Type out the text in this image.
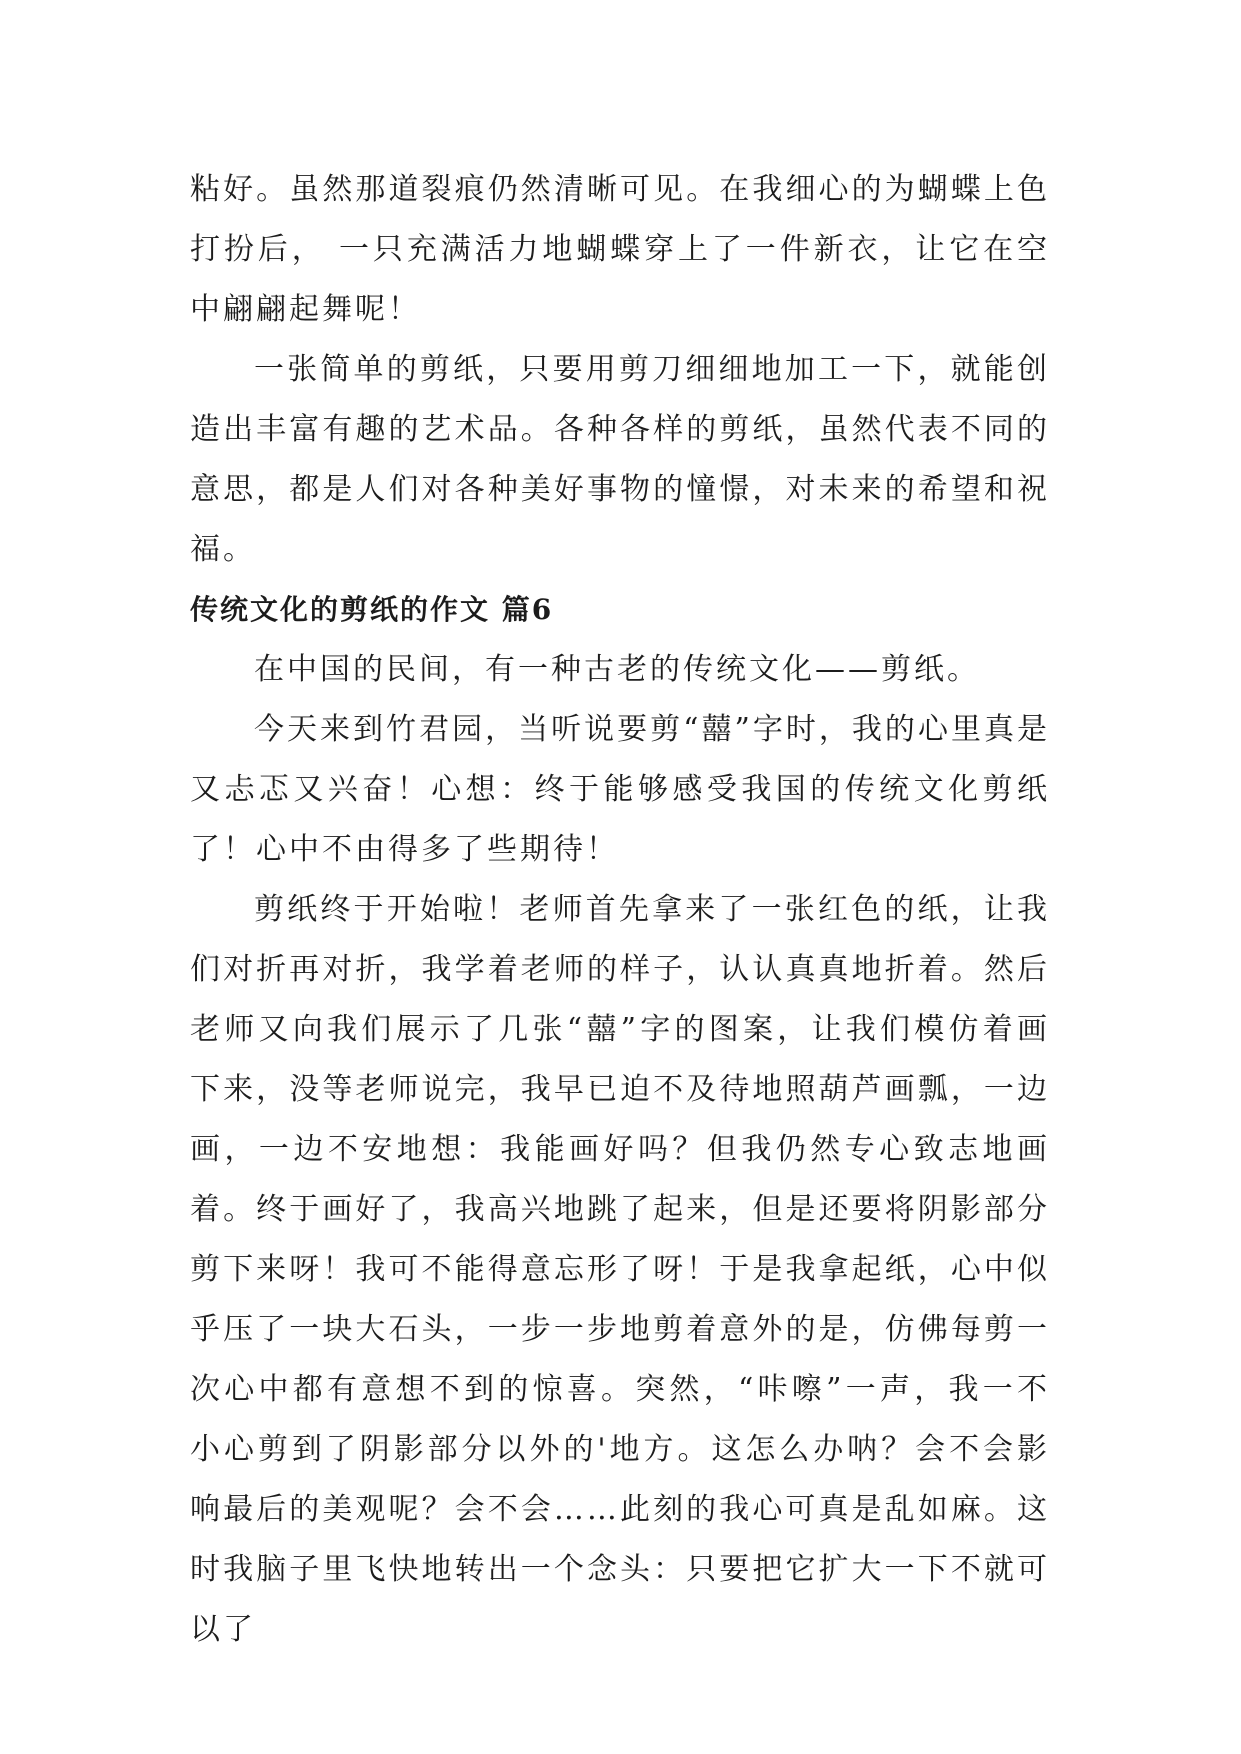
粘好。虽然那道裂痕仍然清晰可见。在我细心的为蝴蝶上色打扮后， 一只充满活力地蝴蝶穿上了一件新衣，让它在空中翩翩起舞呢！

一张简单的剪纸，只要用剪刀细细地加工一下，就能创造出丰富有趣的艺术品。各种各样的剪纸，虽然代表不同的意思，都是人们对各种美好事物的憧憬，对未来的希望和祝福。

传统文化的剪纸的作文 篇6

在中国的民间，有一种古老的传统文化——剪纸。

今天来到竹君园，当听说要剪“囍”字时，我的心里真是又忐忑又兴奋！心想：终于能够感受我国的传统文化剪纸了！心中不由得多了些期待！

剪纸终于开始啦！老师首先拿来了一张红色的纸，让我们对折再对折，我学着老师的样子，认认真真地折着。然后老师又向我们展示了几张“囍”字的图案，让我们模仿着画下来，没等老师说完，我早已迫不及待地照葫芦画瓢，一边画，一边不安地想：我能画好吗？但我仍然专心致志地画着。终于画好了，我高兴地跳了起来，但是还要将阴影部分剪下来呀！我可不能得意忘形了呀！于是我拿起纸，心中似乎压了一块大石头，一步一步地剪着意外的是，仿佛每剪一次心中都有意想不到的惊喜。突然，“咔嚓”一声，我一不小心剪到了阴影部分以外的'地方。这怎么办呐？会不会影响最后的美观呢？会不会……此刻的我心可真是乱如麻。这时我脑子里飞快地转出一个念头：只要把它扩大一下不就可以了
